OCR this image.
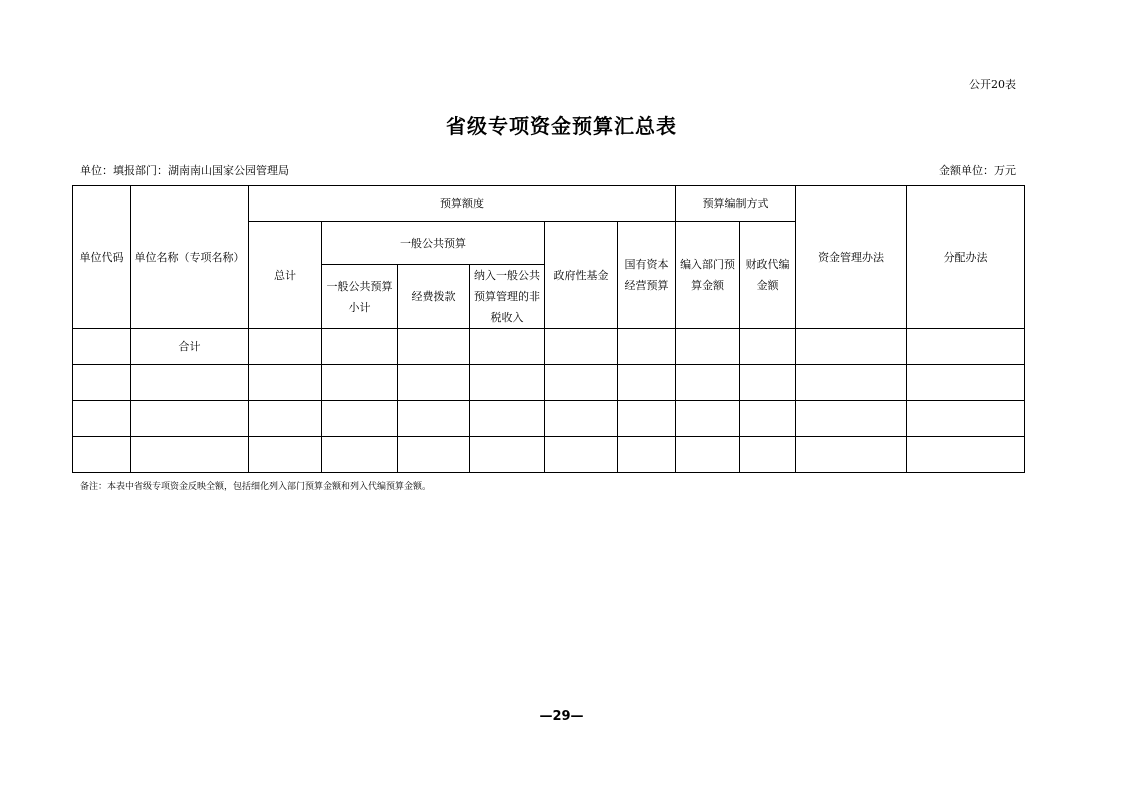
公开20表
省级专项资金预算汇总表
单位：填报部门：湖南南山国家公园管理局	金额单位：万元
单位代码	单位名称（专项名称）	预算额度						预算编制方式		资金管理办法	分配办法
		总计	一般公共预算			政府性基金	国有资本经营预算	编入部门预算金额	财政代编金额		
			一般公共预算小计	经费拨款	纳入一般公共预算管理的非税收入						
	合计										

备注：本表中省级专项资金反映全额，包括细化列入部门预算金额和列入代编预算金额。
—29—
